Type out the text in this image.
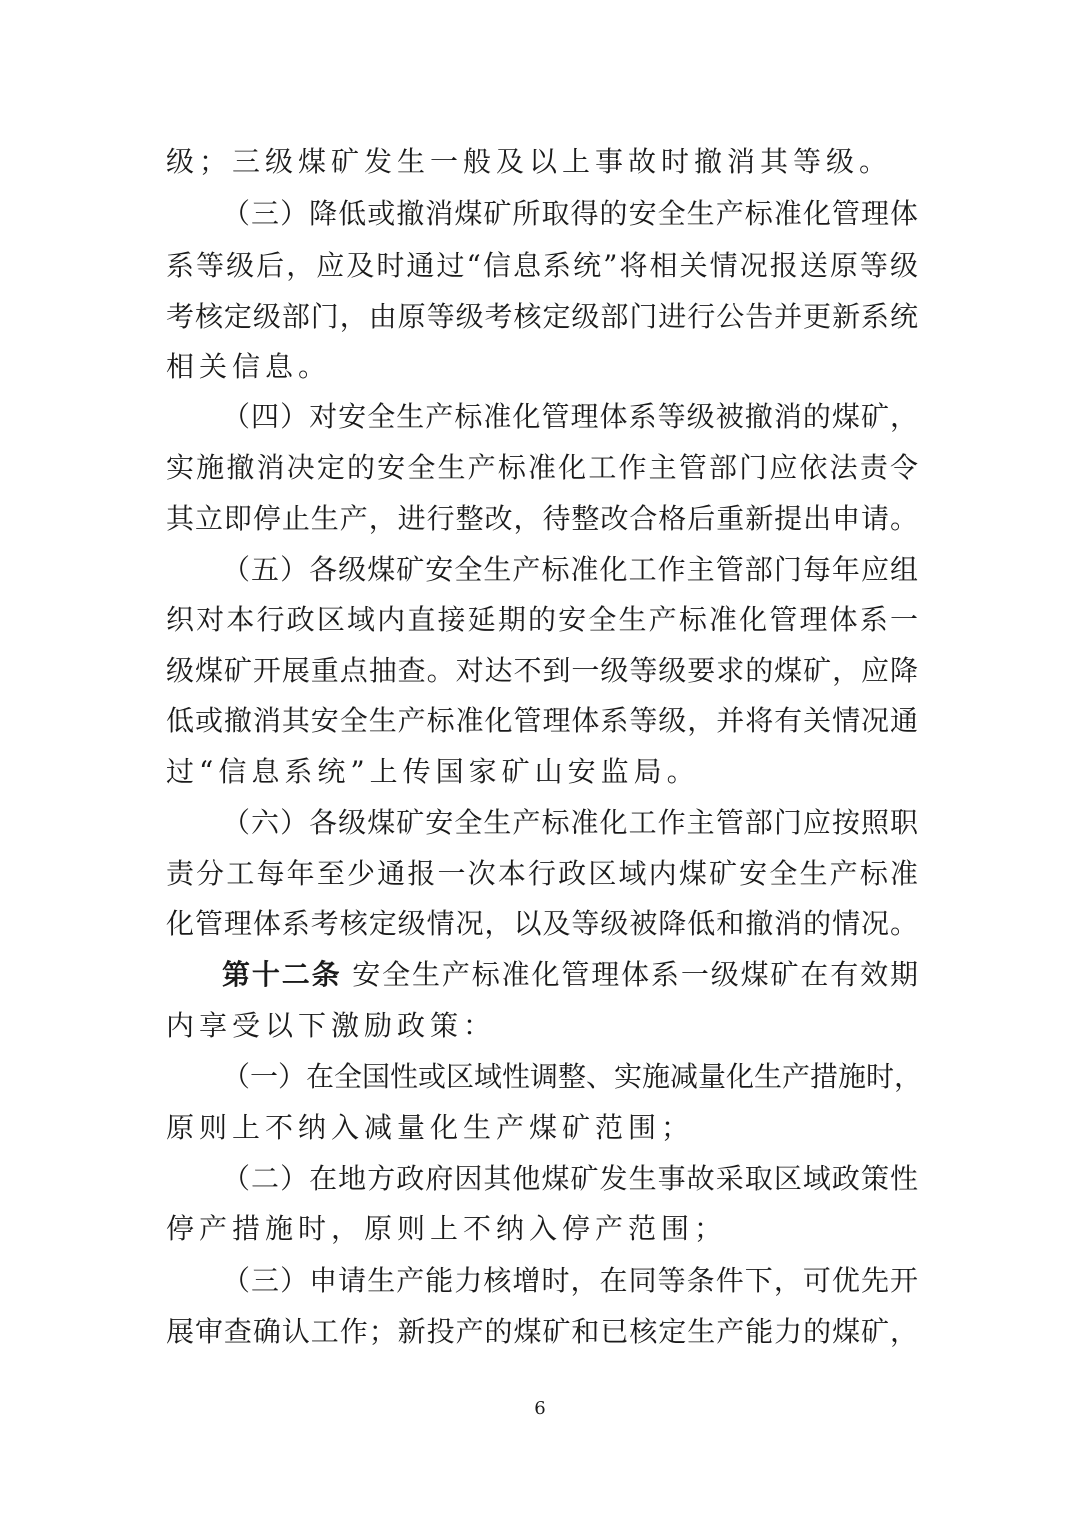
级；三级煤矿发生一般及以上事故时撤消其等级。
（三）降低或撤消煤矿所取得的安全生产标准化管理体
系等级后，应及时通过“信息系统”将相关情况报送原等级
考核定级部门，由原等级考核定级部门进行公告并更新系统
相关信息。
（四）对安全生产标准化管理体系等级被撤消的煤矿，
实施撤消决定的安全生产标准化工作主管部门应依法责令
其立即停止生产，进行整改，待整改合格后重新提出申请。
（五）各级煤矿安全生产标准化工作主管部门每年应组
织对本行政区域内直接延期的安全生产标准化管理体系一
级煤矿开展重点抽查。对达不到一级等级要求的煤矿，应降
低或撤消其安全生产标准化管理体系等级，并将有关情况通
过“信息系统”上传国家矿山安监局。
（六）各级煤矿安全生产标准化工作主管部门应按照职
责分工每年至少通报一次本行政区域内煤矿安全生产标准
化管理体系考核定级情况，以及等级被降低和撤消的情况。
第十二条 安全生产标准化管理体系一级煤矿在有效期
内享受以下激励政策：
（一）在全国性或区域性调整、实施减量化生产措施时，
原则上不纳入减量化生产煤矿范围；
（二）在地方政府因其他煤矿发生事故采取区域政策性
停产措施时，原则上不纳入停产范围；
（三）申请生产能力核增时，在同等条件下，可优先开
展审查确认工作；新投产的煤矿和已核定生产能力的煤矿，
6
